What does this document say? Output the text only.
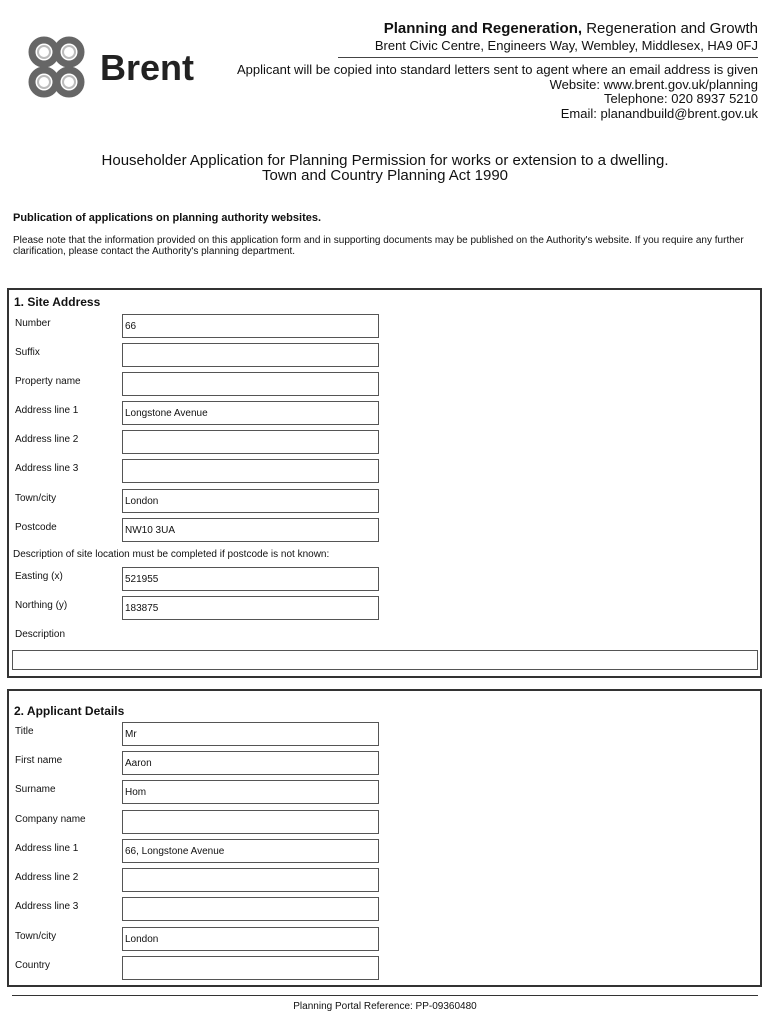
Brent
Planning and Regeneration, Regeneration and Growth
Brent Civic Centre, Engineers Way, Wembley, Middlesex, HA9 0FJ
Applicant will be copied into standard letters sent to agent where an email address is given
Website: www.brent.gov.uk/planning
Telephone: 020 8937 5210
Email: planandbuild@brent.gov.uk
Householder Application for Planning Permission for works or extension to a dwelling.
Town and Country Planning Act 1990
Publication of applications on planning authority websites.
Please note that the information provided on this application form and in supporting documents may be published on the Authority's website. If you require any further clarification, please contact the Authority's planning department.
1. Site Address
Number	66
Suffix
Property name
Address line 1	Longstone Avenue
Address line 2
Address line 3
Town/city	London
Postcode	NW10 3UA
Description of site location must be completed if postcode is not known:
Easting (x)	521955
Northing (y)	183875
Description
2. Applicant Details
Title	Mr
First name	Aaron
Surname	Hom
Company name
Address line 1	66, Longstone Avenue
Address line 2
Address line 3
Town/city	London
Country
Planning Portal Reference: PP-09360480
